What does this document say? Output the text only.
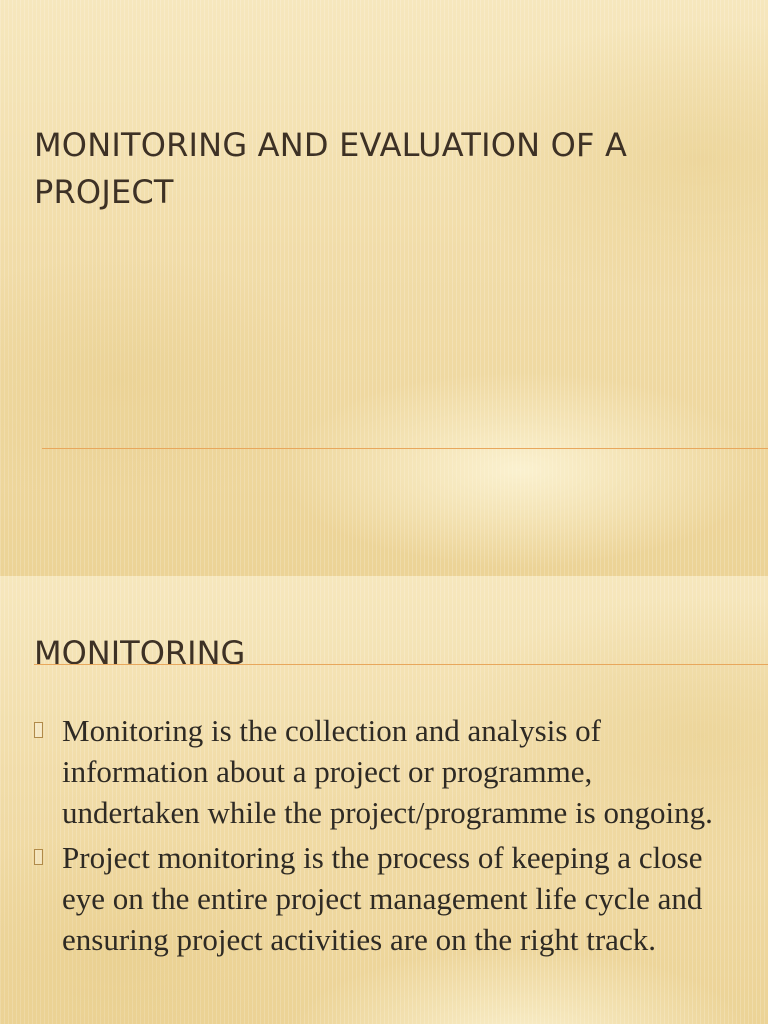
MONITORING AND EVALUATION OF A PROJECT
MONITORING
Monitoring is the collection and analysis of information about a project or programme, undertaken while the project/programme is ongoing.
Project monitoring is the process of keeping a close eye on the entire project management life cycle and ensuring project activities are on the right track.
